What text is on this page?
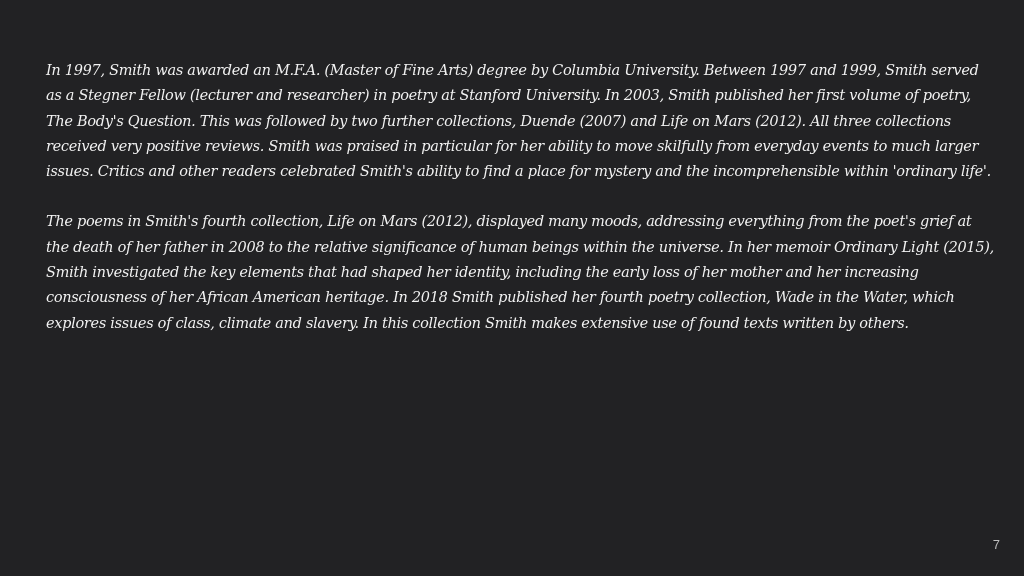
In 1997, Smith was awarded an M.F.A. (Master of Fine Arts) degree by Columbia University. Between 1997 and 1999, Smith served as a Stegner Fellow (lecturer and researcher) in poetry at Stanford University. In 2003, Smith published her first volume of poetry, The Body's Question. This was followed by two further collections, Duende (2007) and Life on Mars (2012). All three collections received very positive reviews. Smith was praised in particular for her ability to move skilfully from everyday events to much larger issues. Critics and other readers celebrated Smith's ability to find a place for mystery and the incomprehensible within 'ordinary life'.

The poems in Smith's fourth collection, Life on Mars (2012), displayed many moods, addressing everything from the poet's grief at the death of her father in 2008 to the relative significance of human beings within the universe. In her memoir Ordinary Light (2015), Smith investigated the key elements that had shaped her identity, including the early loss of her mother and her increasing consciousness of her African American heritage. In 2018 Smith published her fourth poetry collection, Wade in the Water, which explores issues of class, climate and slavery. In this collection Smith makes extensive use of found texts written by others.

7
